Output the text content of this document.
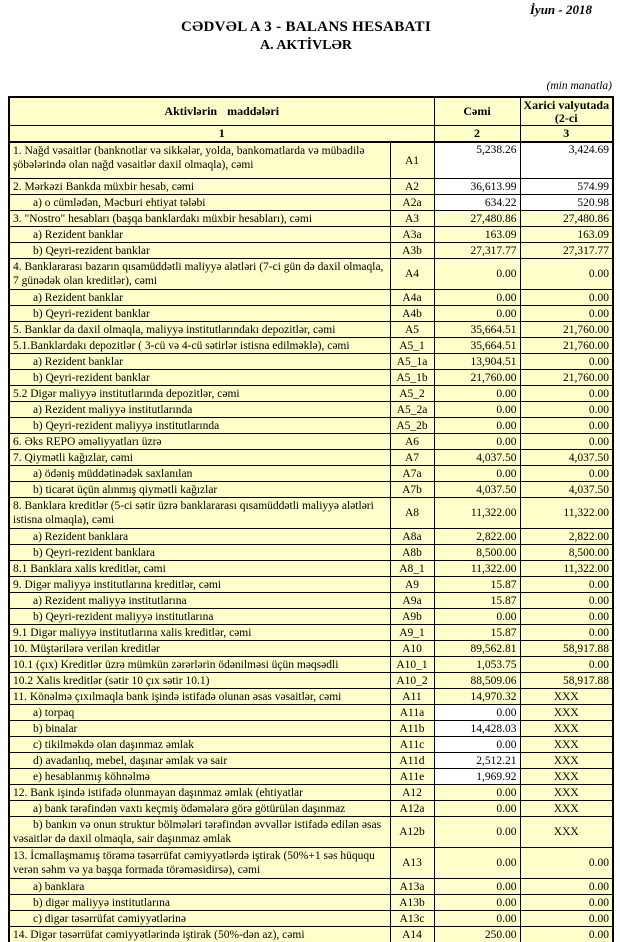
İyun - 2018
CƏDVƏL A 3 - BALANS HESABATI
A. AKTİVLƏR
(min manatla)
Aktivlərin maddələri		Cəmi	Xarici valyutada (2-ci
1		2	3
1. Nağd vəsaitlər (banknotlar və sikkələr, yolda, bankomatlarda və mübadilə şöbələrində olan nağd vəsaitlər daxil olmaqla), cəmi	A1	5,238.26	3,424.69
2. Mərkəzi Bankda müxbir hesab, cəmi	A2	36,613.99	574.99
a) o cümlədən, Məcburi ehtiyat tələbi	A2a	634.22	520.98
3. "Nostro" hesabları (başqa banklardakı müxbir hesabları), cəmi	A3	27,480.86	27,480.86
a) Rezident banklar	A3a	163.09	163.09
b) Qeyri-rezident banklar	A3b	27,317.77	27,317.77
4. Banklararası bazarın qısamüddətli maliyyə alətləri (7-ci gün də daxil olmaqla, 7 günədək olan kreditlər), cəmi	A4	0.00	0.00
a) Rezident banklar	A4a	0.00	0.00
b) Qeyri-rezident banklar	A4b	0.00	0.00
5. Banklar da daxil olmaqla, maliyyə institutlarındakı depozitlər, cəmi	A5	35,664.51	21,760.00
5.1.Banklardakı depozitlər ( 3-cü və 4-cü sətirlər istisna edilməklə), cəmi	A5_1	35,664.51	21,760.00
a) Rezident banklar	A5_1a	13,904.51	0.00
b) Qeyri-rezident banklar	A5_1b	21,760.00	21,760.00
5.2 Digər maliyyə institutlarında depozitlər, cəmi	A5_2	0.00	0.00
a) Rezident maliyyə institutlarında	A5_2a	0.00	0.00
b) Qeyri-rezident maliyyə institutlarında	A5_2b	0.00	0.00
6. Əks REPO əməliyyatları üzrə	A6	0.00	0.00
7. Qiymətli kağızlar, cəmi	A7	4,037.50	4,037.50
a) ödəniş müddətinədək saxlanılan	A7a	0.00	0.00
b) ticarət üçün alınmış qiymətli kağızlar	A7b	4,037.50	4,037.50
8. Banklara kreditlər (5-ci sətir üzrə banklararası qısamüddətli maliyyə alətləri istisna olmaqla), cəmi	A8	11,322.00	11,322.00
a) Rezident banklara	A8a	2,822.00	2,822.00
b) Qeyri-rezident banklara	A8b	8,500.00	8,500.00
8.1 Banklara xalis kreditlər, cəmi	A8_1	11,322.00	11,322.00
9. Digər maliyyə institutlarına kreditlər, cəmi	A9	15.87	0.00
a) Rezident maliyyə institutlarına	A9a	15.87	0.00
b) Qeyri-rezident maliyyə institutlarına	A9b	0.00	0.00
9.1 Digər maliyyə institutlarına xalis kreditlər, cəmi	A9_1	15.87	0.00
10. Müştərilərə verilən kreditlər	A10	89,562.81	58,917.88
10.1 (çıx) Kreditlər üzrə mümkün zərərlərin ödənilməsi üçün məqsədli	A10_1	1,053.75	0.00
10.2 Xalis kreditlər (sətir 10 çıx sətir 10.1)	A10_2	88,509.06	58,917.88
11. Könəlmə çıxılmaqla bank işində istifadə olunan əsas vəsaitlər, cəmi	A11	14,970.32	XXX
a) torpaq	A11a	0.00	XXX
b) binalar	A11b	14,428.03	XXX
c) tikilməkdə olan daşınmaz əmlak	A11c	0.00	XXX
d) avadanlıq, mebel, daşınar əmlak və sair	A11d	2,512.21	XXX
e) hesablanmış köhnəlmə	A11e	1,969.92	XXX
12. Bank işində istifadə olunmayan daşınmaz əmlak (ehtiyatlar	A12	0.00	XXX
a) bank tərəfindən vaxtı keçmiş ödəmələrə görə götürülən daşınmaz	A12a	0.00	XXX
b) bankın və onun struktur bölmələri tərəfindən əvvəllər istifadə edilən əsas vəsaitlər də daxil olmaqla, sair daşınmaz əmlak	A12b	0.00	XXX
13. İcmallaşmamış törəmə təsərrüfat cəmiyyətlərdə iştirak (50%+1 səs hüququ verən səhm və ya başqa formada törəməsidirsə), cəmi	A13	0.00	0.00
a) banklara	A13a	0.00	0.00
b) digər maliyyə institutlarına	A13b	0.00	0.00
c) digər təsərrüfat cəmiyyətlərinə	A13c	0.00	0.00
14. Digər təsərrüfat cəmiyyətlərində iştirak (50%-dən az), cəmi	A14	250.00	0.00
